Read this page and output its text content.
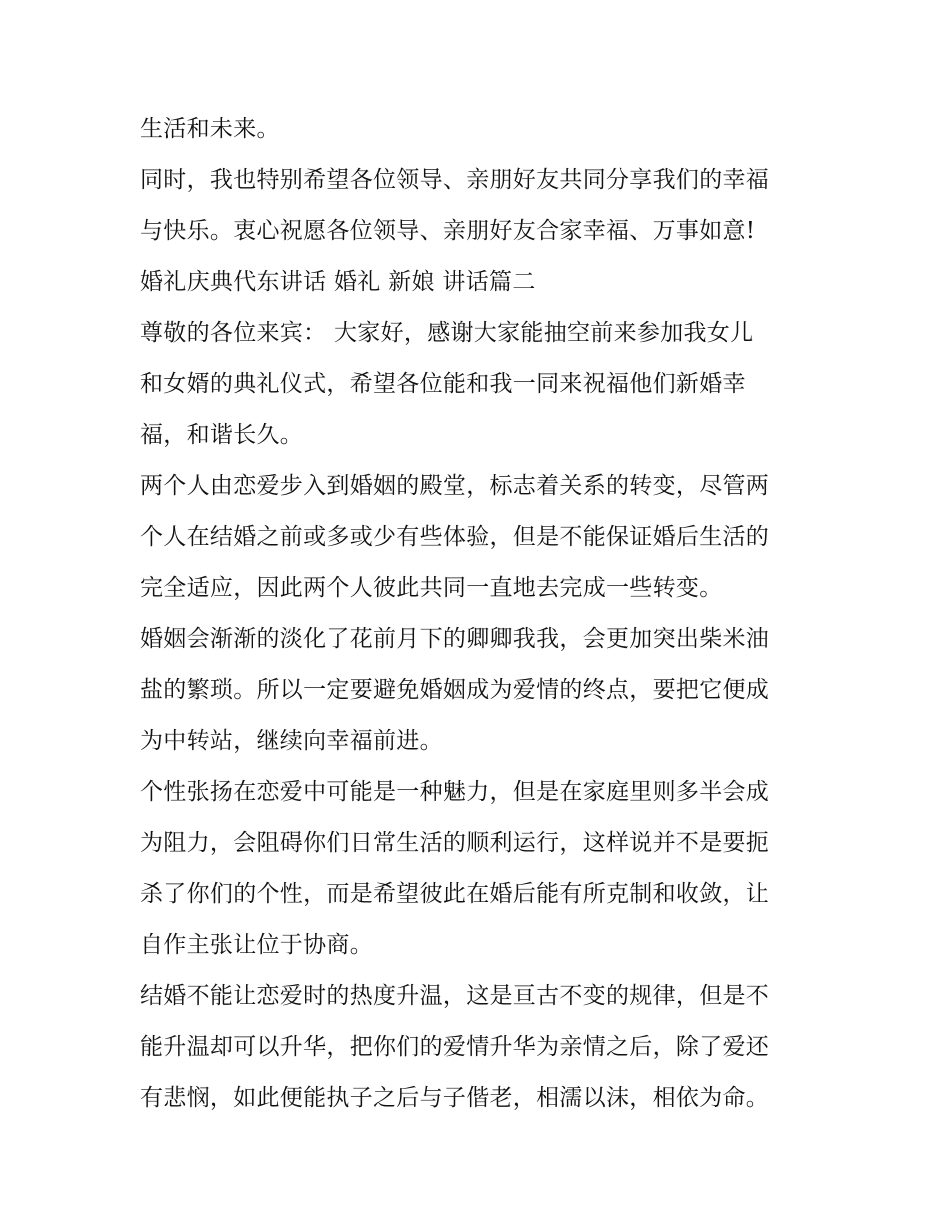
生活和未来。
同时，我也特别希望各位领导、亲朋好友共同分享我们的幸福
与快乐。衷心祝愿各位领导、亲朋好友合家幸福、万事如意!
婚礼庆典代东讲话 婚礼 新娘 讲话篇二
尊敬的各位来宾： 大家好，感谢大家能抽空前来参加我女儿
和女婿的典礼仪式，希望各位能和我一同来祝福他们新婚幸
福，和谐长久。
两个人由恋爱步入到婚姻的殿堂，标志着关系的转变，尽管两
个人在结婚之前或多或少有些体验，但是不能保证婚后生活的
完全适应，因此两个人彼此共同一直地去完成一些转变。
婚姻会渐渐的淡化了花前月下的卿卿我我，会更加突出柴米油
盐的繁琐。所以一定要避免婚姻成为爱情的终点，要把它便成
为中转站，继续向幸福前进。
个性张扬在恋爱中可能是一种魅力，但是在家庭里则多半会成
为阻力，会阻碍你们日常生活的顺利运行，这样说并不是要扼
杀了你们的个性，而是希望彼此在婚后能有所克制和收敛，让
自作主张让位于协商。
结婚不能让恋爱时的热度升温，这是亘古不变的规律，但是不
能升温却可以升华，把你们的爱情升华为亲情之后，除了爱还
有悲悯，如此便能执子之后与子偕老，相濡以沫，相依为命。
